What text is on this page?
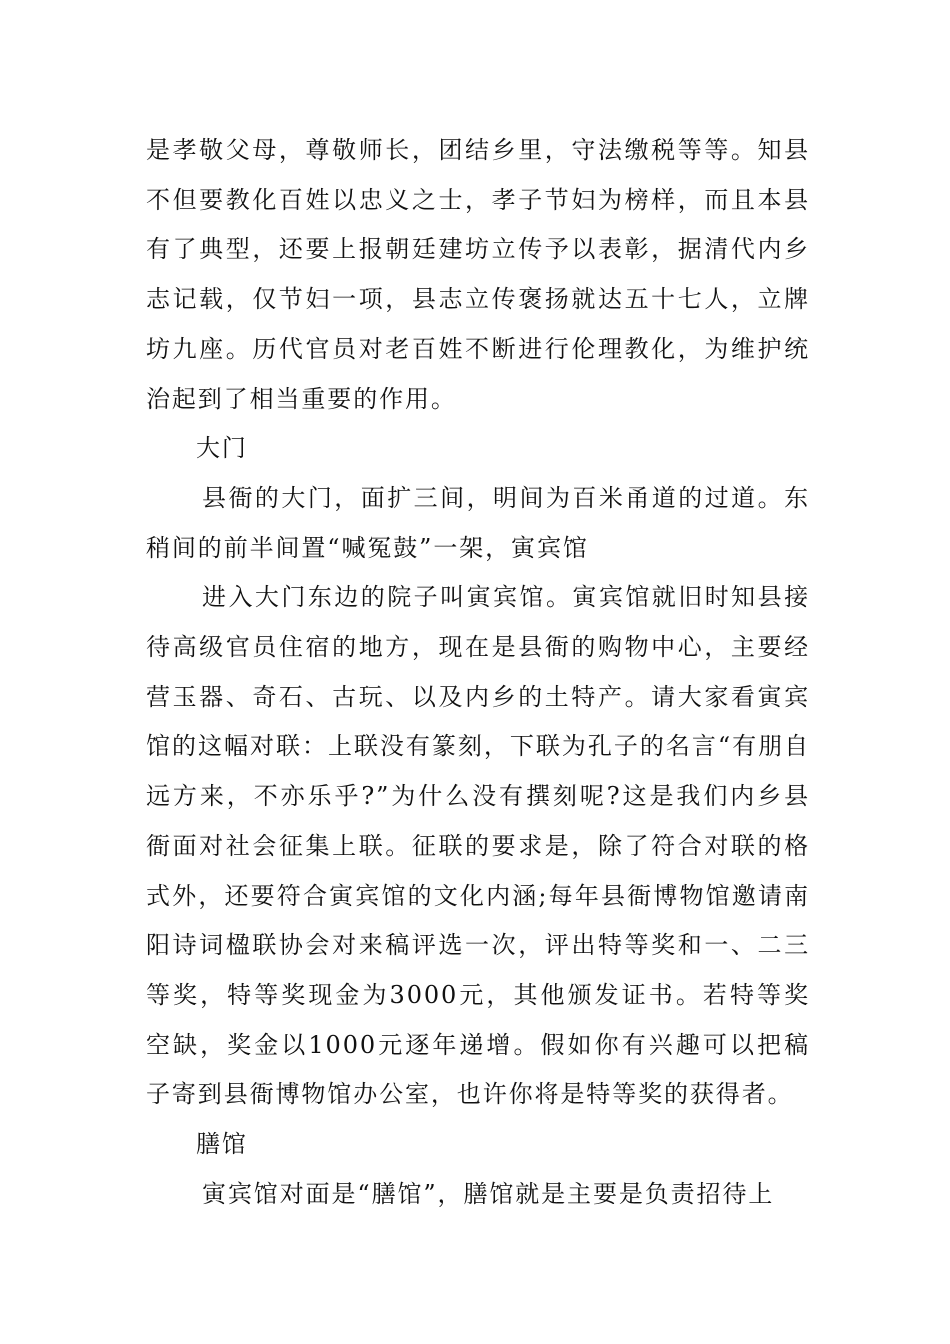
是孝敬父母，尊敬师长，团结乡里，守法缴税等等。知县不但要教化百姓以忠义之士，孝子节妇为榜样，而且本县有了典型，还要上报朝廷建坊立传予以表彰，据清代内乡志记载，仅节妇一项，县志立传褒扬就达五十七人，立牌坊九座。历代官员对老百姓不断进行伦理教化，为维护统治起到了相当重要的作用。

大门

县衙的大门，面扩三间，明间为百米甬道的过道。东稍间的前半间置“喊冤鼓”一架，寅宾馆

进入大门东边的院子叫寅宾馆。寅宾馆就旧时知县接待高级官员住宿的地方，现在是县衙的购物中心，主要经营玉器、奇石、古玩、以及内乡的土特产。请大家看寅宾馆的这幅对联：上联没有篆刻，下联为孔子的名言“有朋自远方来，不亦乐乎?”为什么没有撰刻呢?这是我们内乡县衙面对社会征集上联。征联的要求是，除了符合对联的格式外，还要符合寅宾馆的文化内涵;每年县衙博物馆邀请南阳诗词楹联协会对来稿评选一次，评出特等奖和一、二三等奖，特等奖现金为3000元，其他颁发证书。若特等奖空缺，奖金以1000元逐年递增。假如你有兴趣可以把稿子寄到县衙博物馆办公室，也许你将是特等奖的获得者。

膳馆

寅宾馆对面是“膳馆”，膳馆就是主要是负责招待上
